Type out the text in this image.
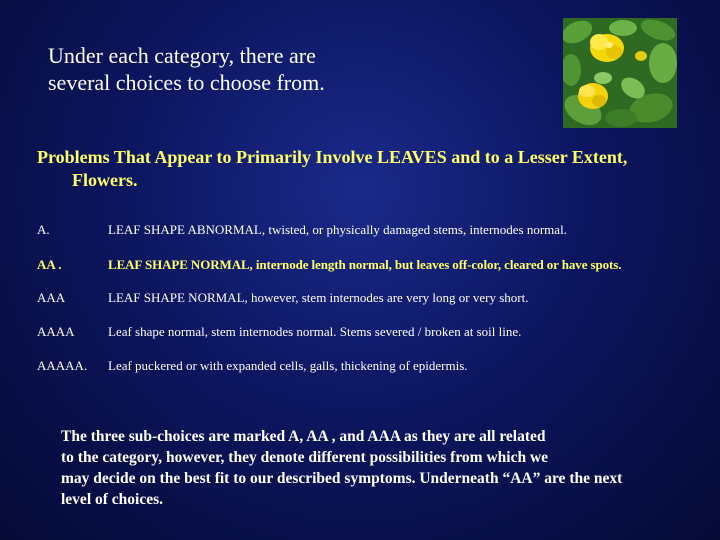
Under each category, there are
several choices to choose from.
Problems That Appear to Primarily Involve LEAVES and to a Lesser Extent,
Flowers.
A.	LEAF SHAPE ABNORMAL, twisted, or physically damaged stems, internodes normal.
AA .	LEAF SHAPE NORMAL, internode length normal, but leaves off-color, cleared or have spots.
AAA	LEAF SHAPE NORMAL, however, stem internodes are very long or very short.
AAAA	Leaf shape normal, stem internodes normal. Stems severed / broken at soil line.
AAAAA. Leaf puckered or with expanded cells, galls, thickening of epidermis.
The three sub-choices are marked A, AA , and AAA as they are all related
to the category, however, they denote different possibilities from which we
may decide on the best fit to our described symptoms. Underneath “AA” are the next
level of choices.
